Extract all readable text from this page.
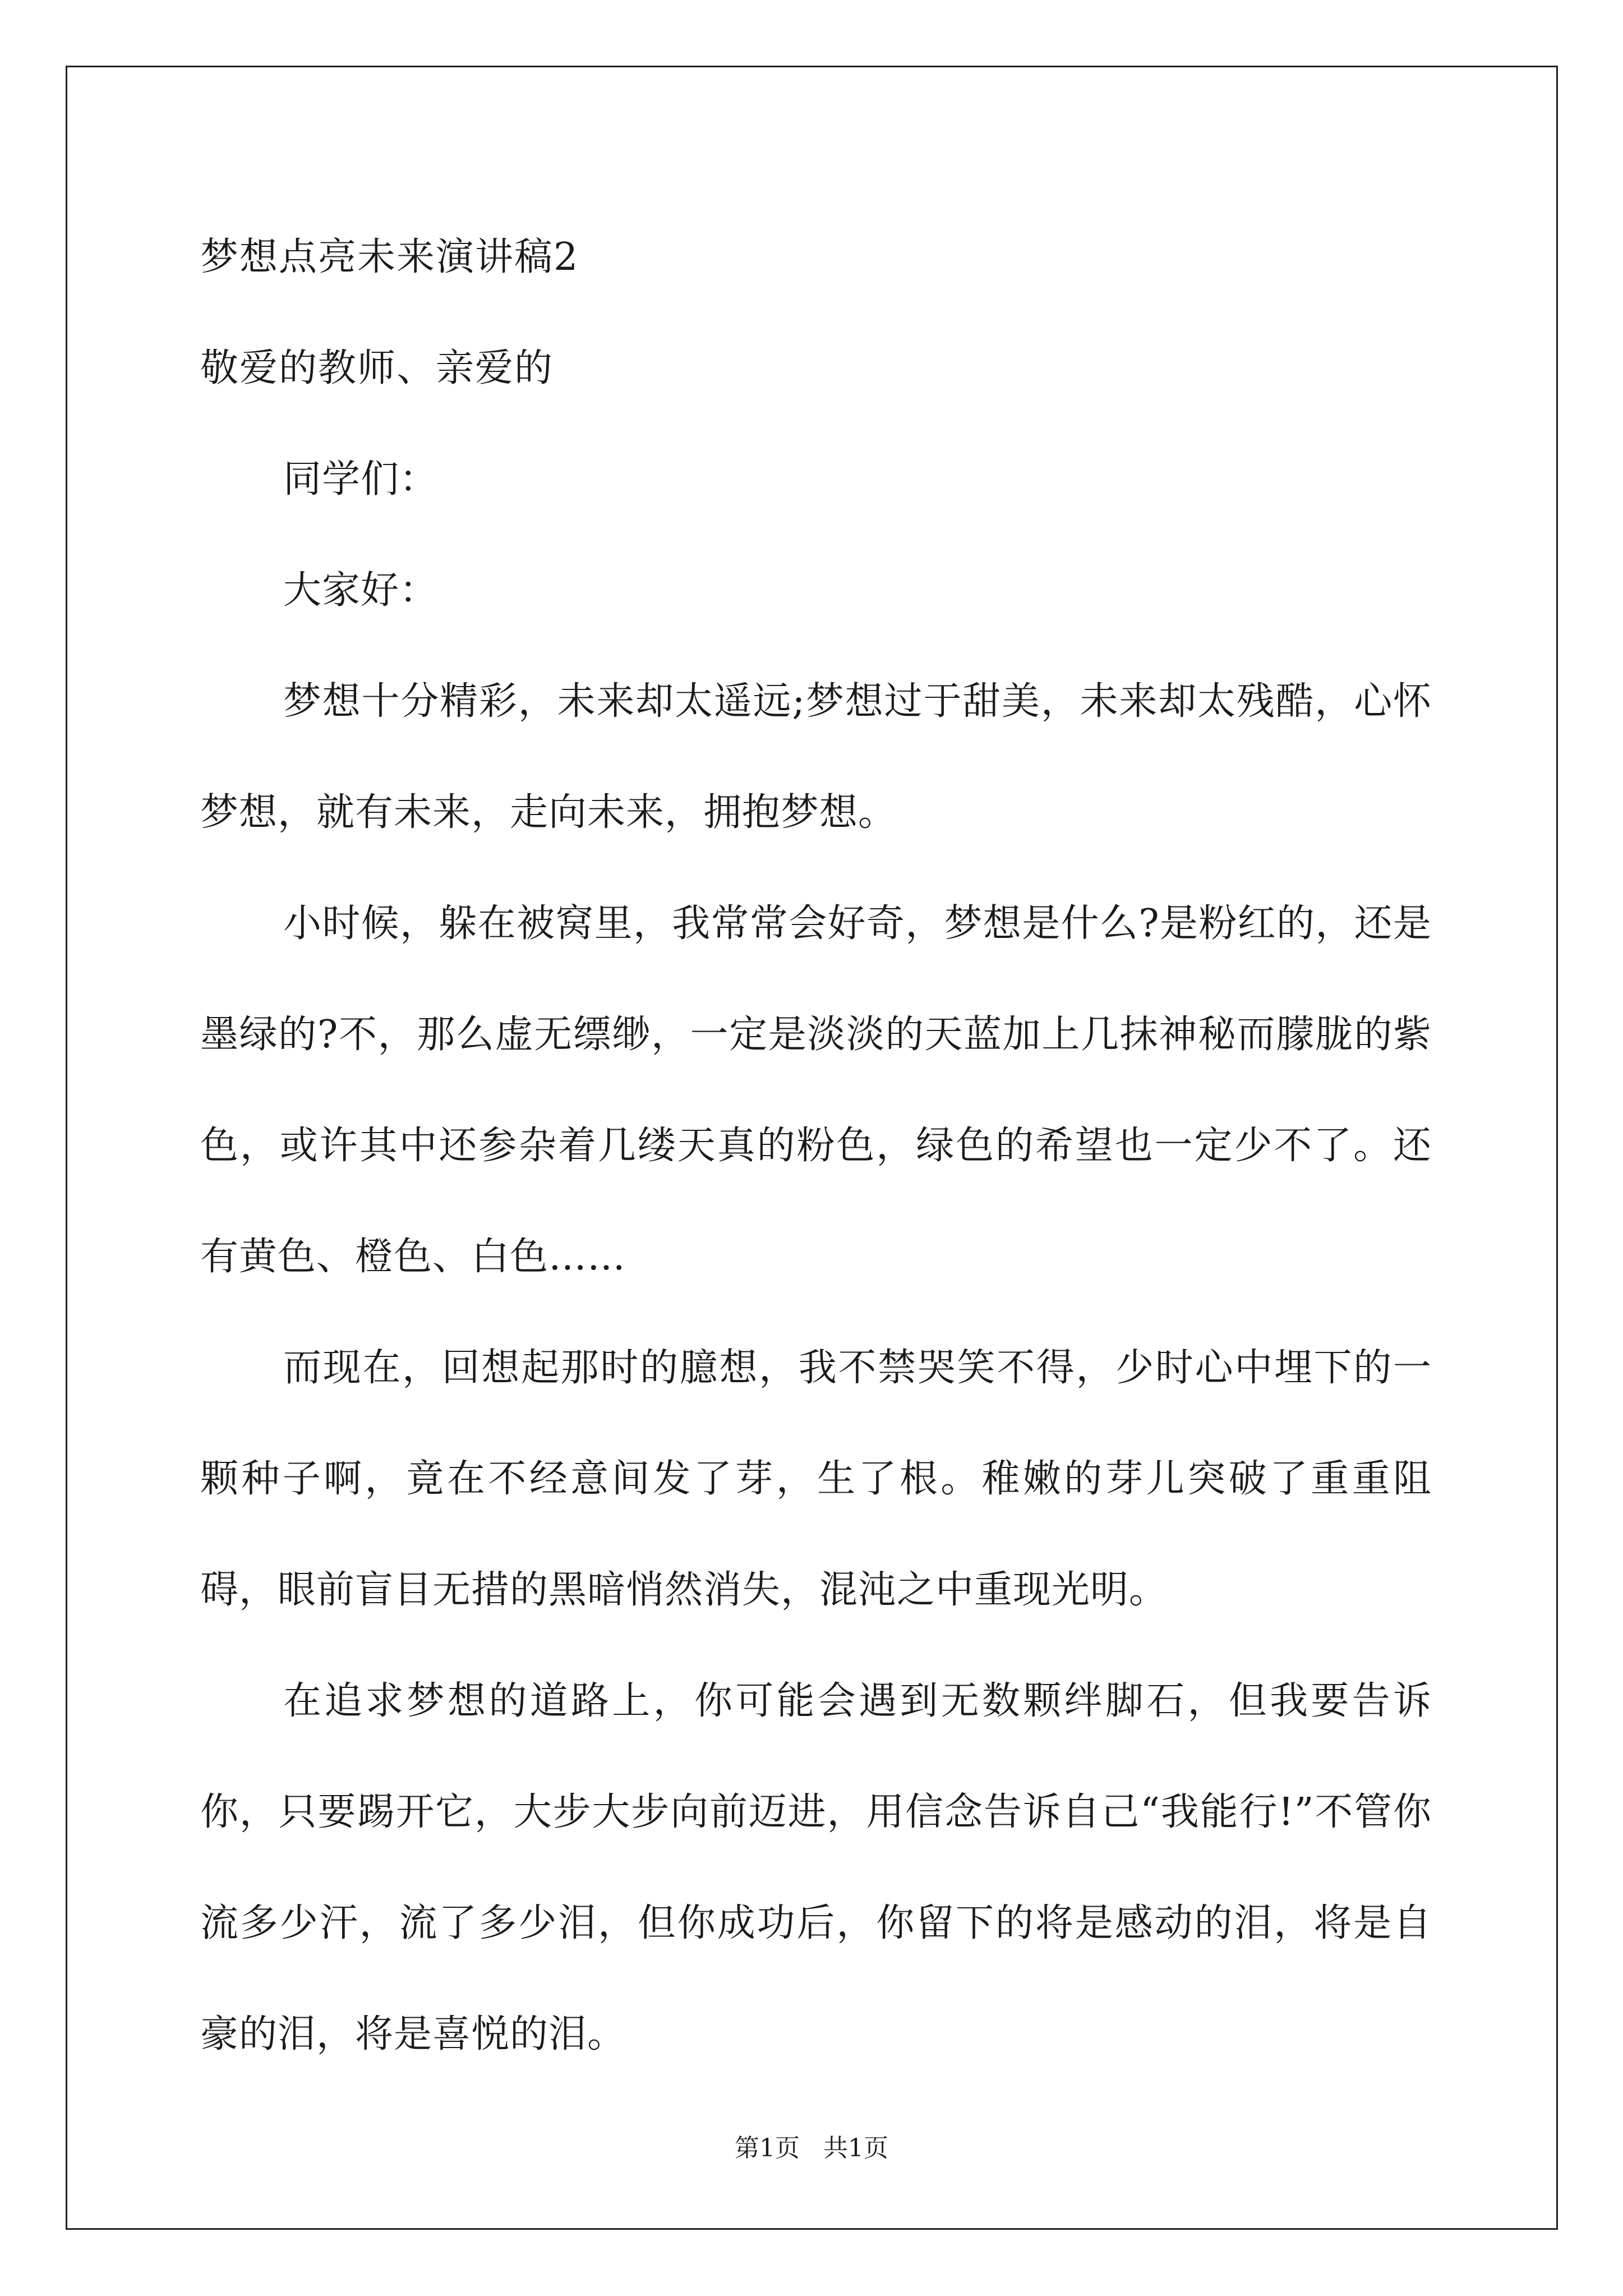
梦想点亮未来演讲稿2

敬爱的教师、亲爱的

同学们：

大家好：

梦想十分精彩，未来却太遥远;梦想过于甜美，未来却太残酷，心怀梦想，就有未来，走向未来，拥抱梦想。

小时候，躲在被窝里，我常常会好奇，梦想是什么?是粉红的，还是墨绿的?不，那么虚无缥缈，一定是淡淡的天蓝加上几抹神秘而朦胧的紫色，或许其中还参杂着几缕天真的粉色，绿色的希望也一定少不了。还有黄色、橙色、白色……

而现在，回想起那时的臆想，我不禁哭笑不得，少时心中埋下的一颗种子啊，竟在不经意间发了芽，生了根。稚嫩的芽儿突破了重重阻碍，眼前盲目无措的黑暗悄然消失，混沌之中重现光明。

在追求梦想的道路上，你可能会遇到无数颗绊脚石，但我要告诉你，只要踢开它，大步大步向前迈进，用信念告诉自己“我能行!”不管你流多少汗，流了多少泪，但你成功后，你留下的将是感动的泪，将是自豪的泪，将是喜悦的泪。

第1页   共1页
